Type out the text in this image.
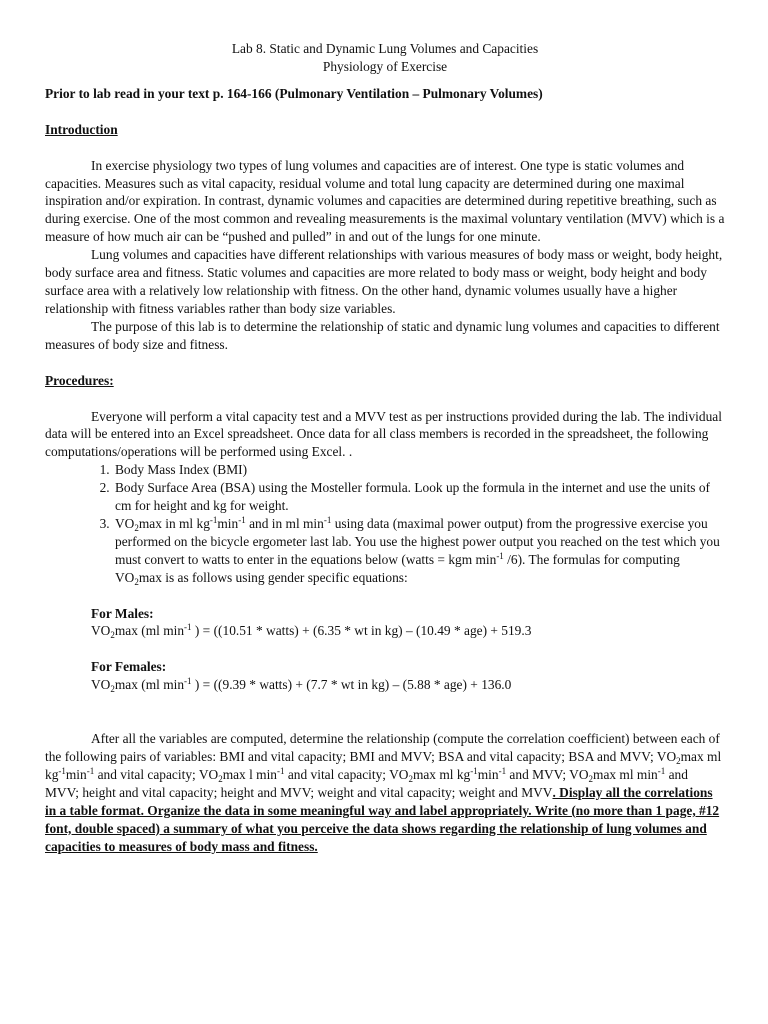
Lab 8. Static and Dynamic Lung Volumes and Capacities
Physiology of Exercise

Prior to lab read in your text p. 164-166 (Pulmonary Ventilation – Pulmonary Volumes)

Introduction

In exercise physiology two types of lung volumes and capacities are of interest. One type is static volumes and capacities. Measures such as vital capacity, residual volume and total lung capacity are determined during one maximal inspiration and/or expiration. In contrast, dynamic volumes and capacities are determined during repetitive breathing, such as during exercise. One of the most common and revealing measurements is the maximal voluntary ventilation (MVV) which is a measure of how much air can be “pushed and pulled” in and out of the lungs for one minute.

Lung volumes and capacities have different relationships with various measures of body mass or weight, body height, body surface area and fitness. Static volumes and capacities are more related to body mass or weight, body height and body surface area with a relatively low relationship with fitness. On the other hand, dynamic volumes usually have a higher relationship with fitness variables rather than body size variables.

The purpose of this lab is to determine the relationship of static and dynamic lung volumes and capacities to different measures of body size and fitness.

Procedures:

Everyone will perform a vital capacity test and a MVV test as per instructions provided during the lab. The individual data will be entered into an Excel spreadsheet. Once data for all class members is recorded in the spreadsheet, the following computations/operations will be performed using Excel. .

1. Body Mass Index (BMI)
2. Body Surface Area (BSA) using the Mosteller formula. Look up the formula in the internet and use the units of cm for height and kg for weight.
3. $VO_2\max$ in ml $kg^{-1}\min^{-1}$ and in ml $\min^{-1} using$ data (maximal power output) from the progressive exercise you performed on the bicycle ergometer last lab. You use the highest power output you reached on the test which you must convert to watts to enter in the equations below (watts = kgm $\min^{-1} /6$). The formulas for computing $VO_2\max$ is as follows using gender specific equations:

For Males:

$VO_2\max$ (ml $\min^{-1}$ ) = ((10.51 * watts) + (6.35 * wt in kg) – (10.49 * age) + 519.3

For Females:

$VO_2\max$ (ml $\min^{-1}$ ) = ((9.39 * watts) + (7.7 * wt in kg) – (5.88 * age) + 136.0

After all the variables are computed, determine the relationship (compute the correlation coefficient) between each of the following pairs of variables: BMI and vital capacity; BMI and MVV; BSA and vital capacity; BSA and MVV; $VO_2\max$ ml $kg^{-1}\min^{-1}$ and vital capacity; $VO_2\max$ l $\min^{-1}$ and vital capacity; $VO_2\max$ ml $kg^{-1}\min^{-1}$ and MVV; $VO_2\max$ ml $\min^{-1}$ and MVV; height and vital capacity; height and MVV; weight and vital capacity; weight and MVV. Display all the correlations in a table format. Organize the data in some meaningful way and label appropriately. Write (no more than 1 page, #12 font, double spaced) a summary of what you perceive the data shows regarding the relationship of lung volumes and capacities to measures of body mass and fitness.
